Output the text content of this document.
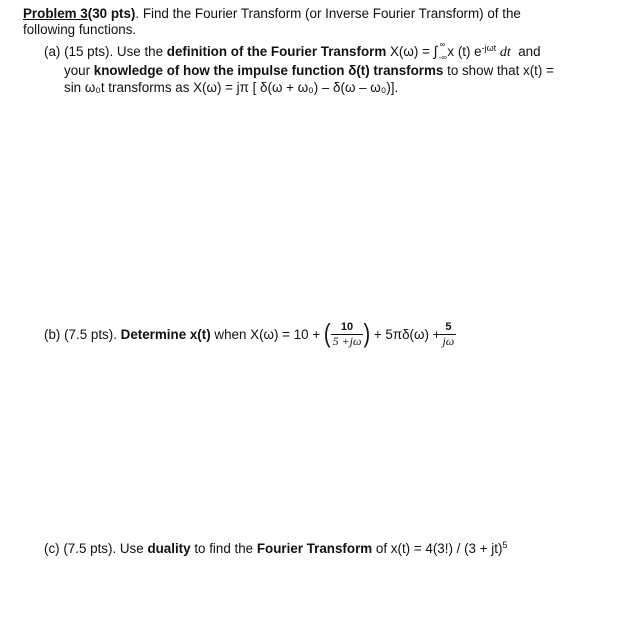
Problem 3(30 pts). Find the Fourier Transform (or Inverse Fourier Transform) of the
following functions.
(a) (15 pts). Use the definition of the Fourier Transform X(ω) = ∫ ∞
-∞ x (t) $e^{-j\omega t}$ dt  and
your knowledge of how the impulse function δ(t) transforms to show that x(t) =
sin ω₀t transforms as X(ω) = jπ [ δ(ω + ω₀) – δ(ω – ω₀)].
(b) (7.5 pts). Determine x(t) when X(ω) = 10 + ( $\frac{10}{5 +j\omega}$ ) + $5\pi\delta(\omega) + \frac{5}{j\omega}$
(c) (7.5 pts). Use duality to find the Fourier Transform of x(t) = 4(3!) / (3 + jt)$^5$
